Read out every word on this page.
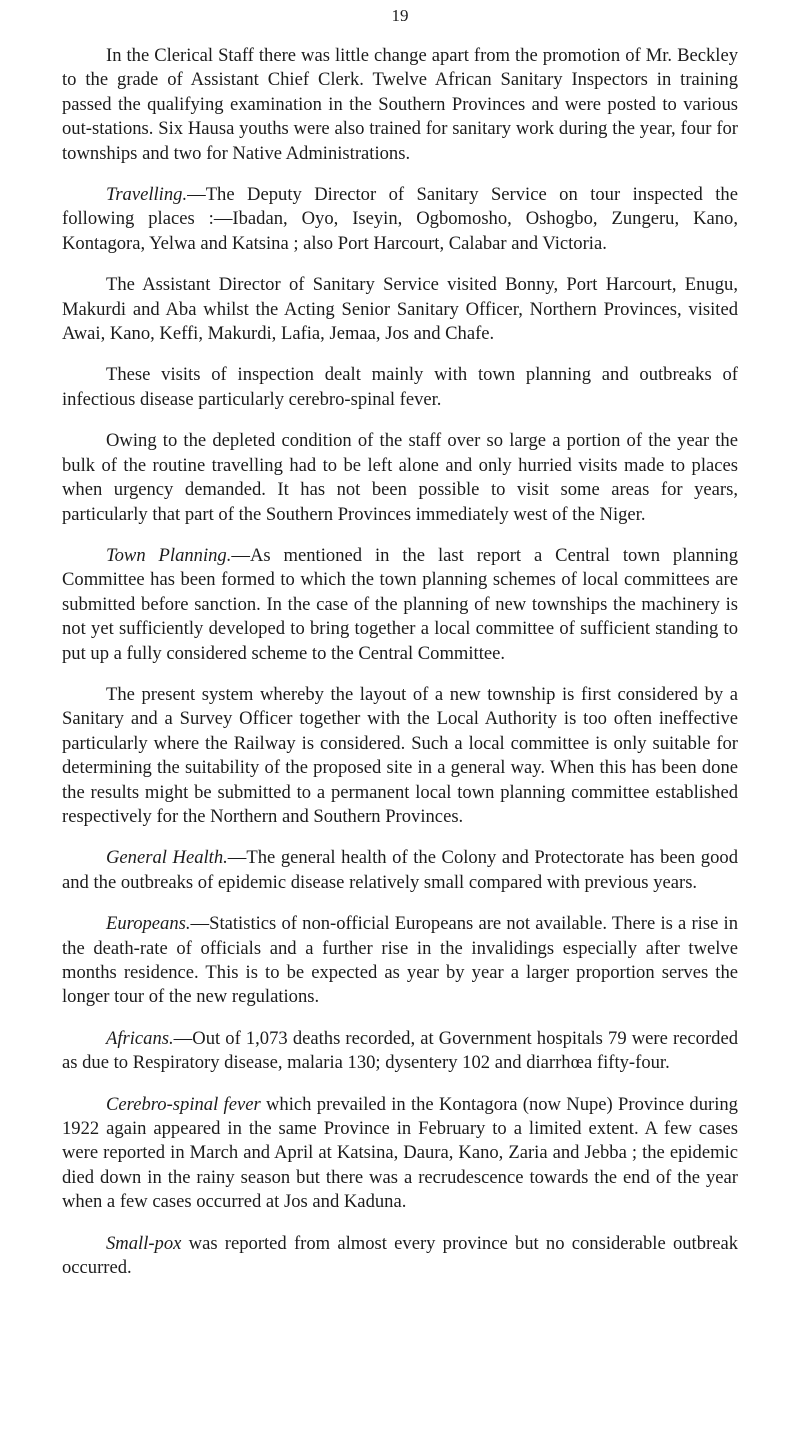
19

In the Clerical Staff there was little change apart from the promotion of Mr. Beckley to the grade of Assistant Chief Clerk. Twelve African Sanitary Inspectors in training passed the qualifying examination in the Southern Provinces and were posted to various out-stations. Six Hausa youths were also trained for sanitary work during the year, four for townships and two for Native Administrations.

Travelling.—The Deputy Director of Sanitary Service on tour inspected the following places :—Ibadan, Oyo, Iseyin, Ogbomosho, Oshogbo, Zungeru, Kano, Kontagora, Yelwa and Katsina ; also Port Harcourt, Calabar and Victoria.

The Assistant Director of Sanitary Service visited Bonny, Port Harcourt, Enugu, Makurdi and Aba whilst the Acting Senior Sanitary Officer, Northern Provinces, visited Awai, Kano, Keffi, Makurdi, Lafia, Jemaa, Jos and Chafe.

These visits of inspection dealt mainly with town planning and outbreaks of infectious disease particularly cerebro-spinal fever.

Owing to the depleted condition of the staff over so large a portion of the year the bulk of the routine travelling had to be left alone and only hurried visits made to places when urgency demanded. It has not been possible to visit some areas for years, particularly that part of the Southern Provinces immediately west of the Niger.

Town Planning.—As mentioned in the last report a Central town planning Committee has been formed to which the town planning schemes of local committees are submitted before sanction. In the case of the planning of new townships the machinery is not yet sufficiently developed to bring together a local committee of sufficient standing to put up a fully considered scheme to the Central Committee.

The present system whereby the layout of a new township is first considered by a Sanitary and a Survey Officer together with the Local Authority is too often ineffective particularly where the Railway is considered. Such a local committee is only suitable for determining the suitability of the proposed site in a general way. When this has been done the results might be submitted to a permanent local town planning committee established respectively for the Northern and Southern Provinces.

General Health.—The general health of the Colony and Protectorate has been good and the outbreaks of epidemic disease relatively small compared with previous years.

Europeans.—Statistics of non-official Europeans are not available. There is a rise in the death-rate of officials and a further rise in the invalidings especially after twelve months residence. This is to be expected as year by year a larger proportion serves the longer tour of the new regulations.

Africans.—Out of 1,073 deaths recorded, at Government hospitals 79 were recorded as due to Respiratory disease, malaria 130; dysentery 102 and diarrhœa fifty-four.

Cerebro-spinal fever which prevailed in the Kontagora (now Nupe) Province during 1922 again appeared in the same Province in February to a limited extent. A few cases were reported in March and April at Katsina, Daura, Kano, Zaria and Jebba ; the epidemic died down in the rainy season but there was a recrudescence towards the end of the year when a few cases occurred at Jos and Kaduna.

Small-pox was reported from almost every province but no considerable outbreak occurred.
